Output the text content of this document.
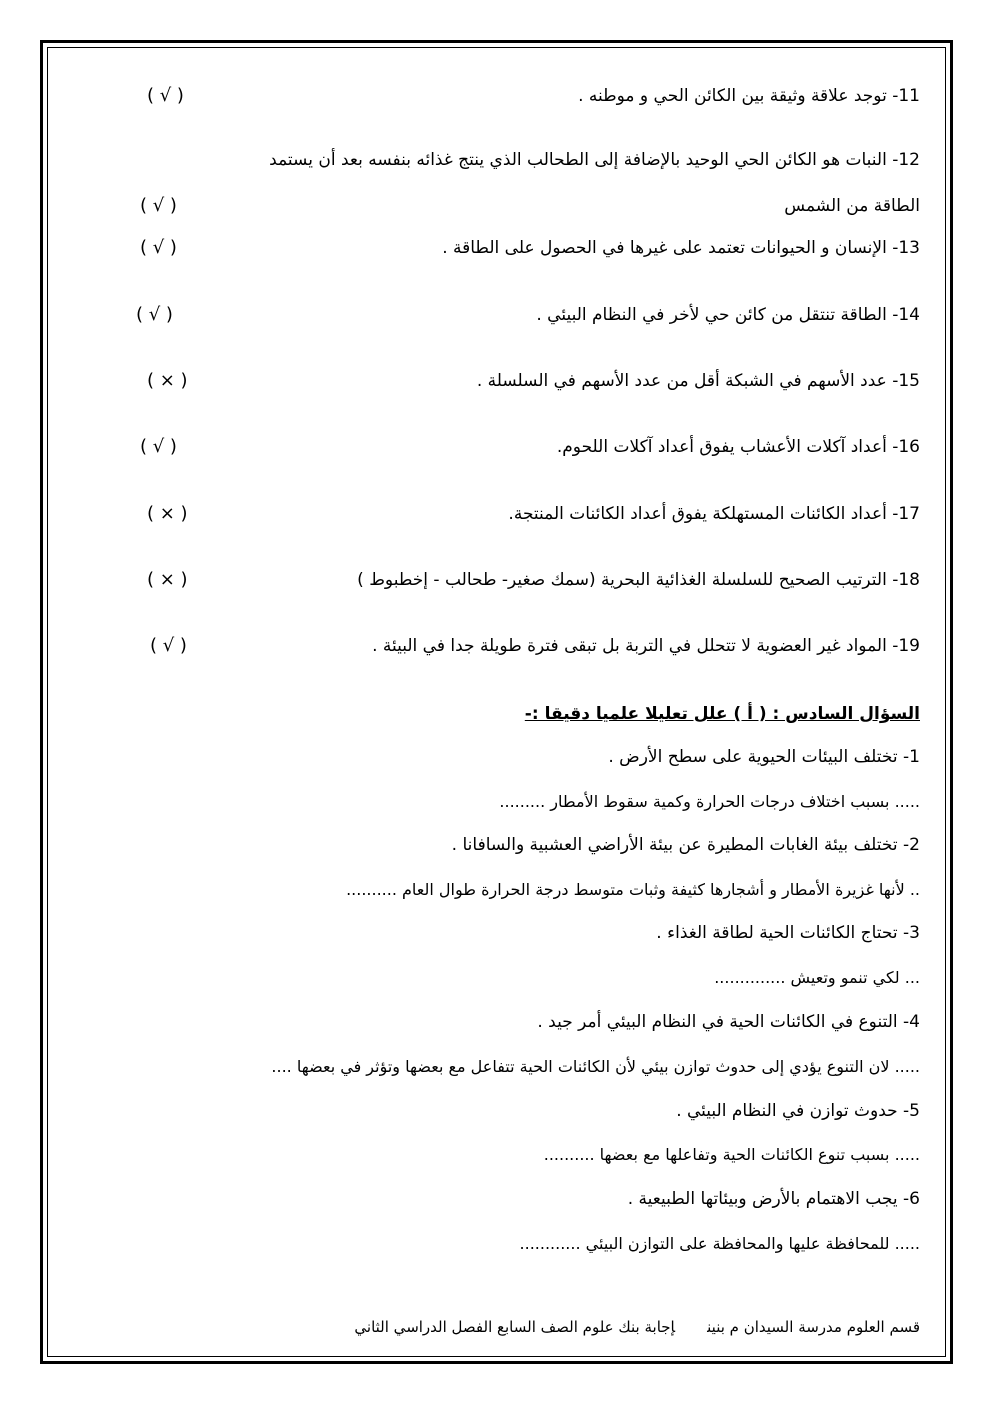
11- توجد علاقة وثيقة بين الكائن الحي و موطنه .
( √ )
12- النبات هو الكائن الحي الوحيد بالإضافة إلى الطحالب الذي ينتج غذائه بنفسه بعد أن يستمد
الطاقة من الشمس
( √ )
13- الإنسان و الحيوانات تعتمد على غيرها في الحصول على الطاقة .
( √ )
14- الطاقة تنتقل من كائن حي لأخر في النظام البيئي .
( √ )
15- عدد الأسهم في الشبكة أقل من عدد الأسهم في السلسلة .
( × )
16- أعداد آكلات الأعشاب يفوق أعداد آكلات اللحوم.
( √ )
17- أعداد الكائنات المستهلكة يفوق أعداد الكائنات المنتجة.
( × )
18- الترتيب الصحيح للسلسلة الغذائية البحرية (سمك صغير- طحالب - إخطبوط )
( × )
19- المواد غير العضوية لا تتحلل في التربة بل تبقى فترة طويلة جدا في البيئة .
( √ )
السؤال السادس : ( أ ) علل تعليلا علميا دقيقا :-
1- تختلف البيئات الحيوية على سطح الأرض .
..... بسبب اختلاف درجات الحرارة وكمية سقوط الأمطار .........
2- تختلف بيئة الغابات المطيرة عن بيئة الأراضي العشبية والسافانا .
.. لأنها غزيرة الأمطار و أشجارها كثيفة وثبات متوسط درجة الحرارة طوال العام ..........
3- تحتاج الكائنات الحية لطاقة الغذاء .
... لكي تنمو وتعيش ..............
4- التنوع في الكائنات الحية في النظام البيئي أمر جيد .
..... لان التنوع يؤدي إلى حدوث توازن بيئي لأن الكائنات الحية تتفاعل مع بعضها وتؤثر في بعضها ....
5- حدوث توازن في النظام البيئي .
..... بسبب تنوع الكائنات الحية وتفاعلها مع بعضها ..........
6- يجب الاهتمام بالأرض وبيئاتها الطبيعية .
..... للمحافظة عليها والمحافظة على التوازن البيئي ............
قسم العلوم مدرسة السيدان م بنينإجابة بنك علوم الصف السابع الفصل الدراسي الثاني
